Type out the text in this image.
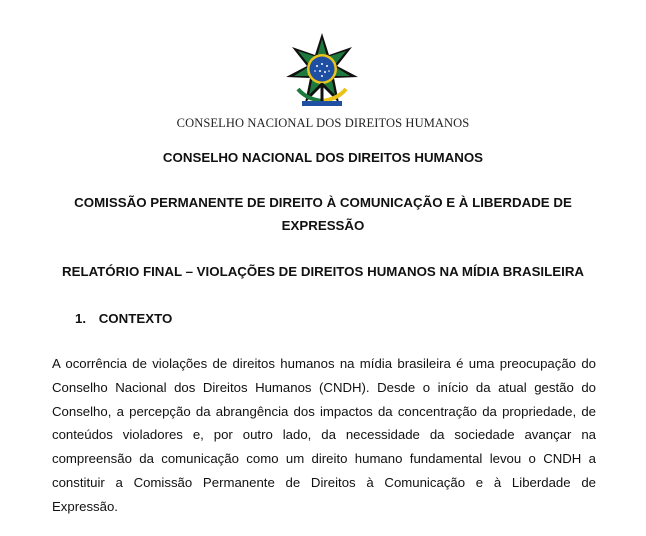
CONSELHO NACIONAL DOS DIREITOS HUMANOS
CONSELHO NACIONAL DOS DIREITOS HUMANOS
COMISSÃO PERMANENTE DE DIREITO À COMUNICAÇÃO E À LIBERDADE DE
EXPRESSÃO
RELATÓRIO FINAL – VIOLAÇÕES DE DIREITOS HUMANOS NA MÍDIA BRASILEIRA
1. CONTEXTO
A ocorrência de violações de direitos humanos na mídia brasileira é uma preocupação do
Conselho Nacional dos Direitos Humanos (CNDH). Desde o início da atual gestão do
Conselho, a percepção da abrangência dos impactos da concentração da propriedade, de
conteúdos violadores e, por outro lado, da necessidade da sociedade avançar na
compreensão da comunicação como um direito humano fundamental levou o CNDH a
constituir a Comissão Permanente de Direitos à Comunicação e à Liberdade de
Expressão.
